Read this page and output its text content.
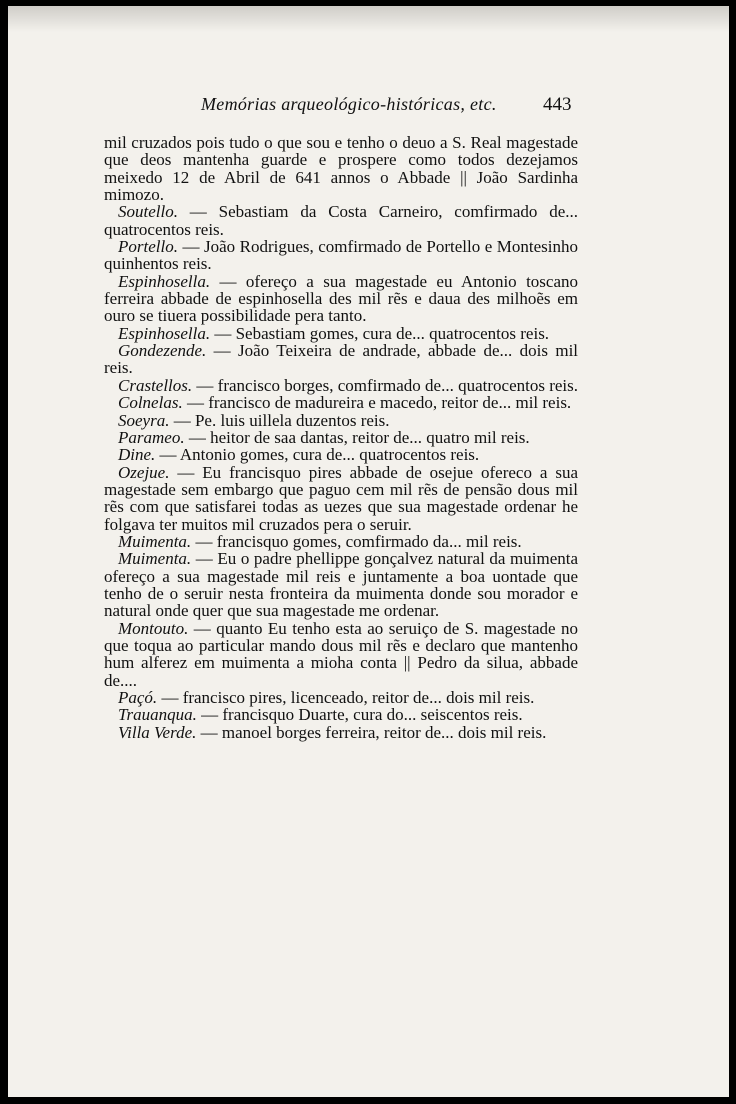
Memórias arqueológico-históricas, etc. 443

mil cruzados pois tudo o que sou e tenho o deuo a S. Real magestade que deos mantenha guarde e prospere como todos dezejamos meixedo 12 de Abril de 641 annos o Abbade || João Sardinha mimozo.

Soutello. — Sebastiam da Costa Carneiro, comfirmado de... quatrocentos reis.

Portello. — João Rodrigues, comfirmado de Portello e Montesinho quinhentos reis.

Espinhosella. — ofereço a sua magestade eu Antonio toscano ferreira abbade de espinhosella des mil rẽs e daua des milhoẽs em ouro se tiuera possibilidade pera tanto.

Espinhosella. — Sebastiam gomes, cura de... quatrocentos reis.

Gondezende. — João Teixeira de andrade, abbade de... dois mil reis.

Crastellos. — francisco borges, comfirmado de... quatrocentos reis.

Colnelas. — francisco de madureira e macedo, reitor de... mil reis.

Soeyra. — Pe. luis uillela duzentos reis.

Parameo. — heitor de saa dantas, reitor de... quatro mil reis.

Dine. — Antonio gomes, cura de... quatrocentos reis.

Ozejue. — Eu francisquo pires abbade de osejue ofereco a sua magestade sem embargo que paguo cem mil rẽs de pensão dous mil rẽs com que satisfarei todas as uezes que sua magestade ordenar he folgava ter muitos mil cruzados pera o seruir.

Muimenta. — francisquo gomes, comfirmado da... mil reis.

Muimenta. — Eu o padre phellippe gonçalvez natural da muimenta ofereço a sua magestade mil reis e juntamente a boa uontade que tenho de o seruir nesta fronteira da muimenta donde sou morador e natural onde quer que sua magestade me ordenar.

Montouto. — quanto Eu tenho esta ao seruiço de S. magestade no que toqua ao particular mando dous mil rẽs e declaro que mantenho hum alferez em muimenta a mioha conta || Pedro da silua, abbade de....

Paçó. — francisco pires, licenceado, reitor de... dois mil reis.

Trauanqua. — francisquo Duarte, cura do... seiscentos reis.

Villa Verde. — manoel borges ferreira, reitor de... dois mil reis.
